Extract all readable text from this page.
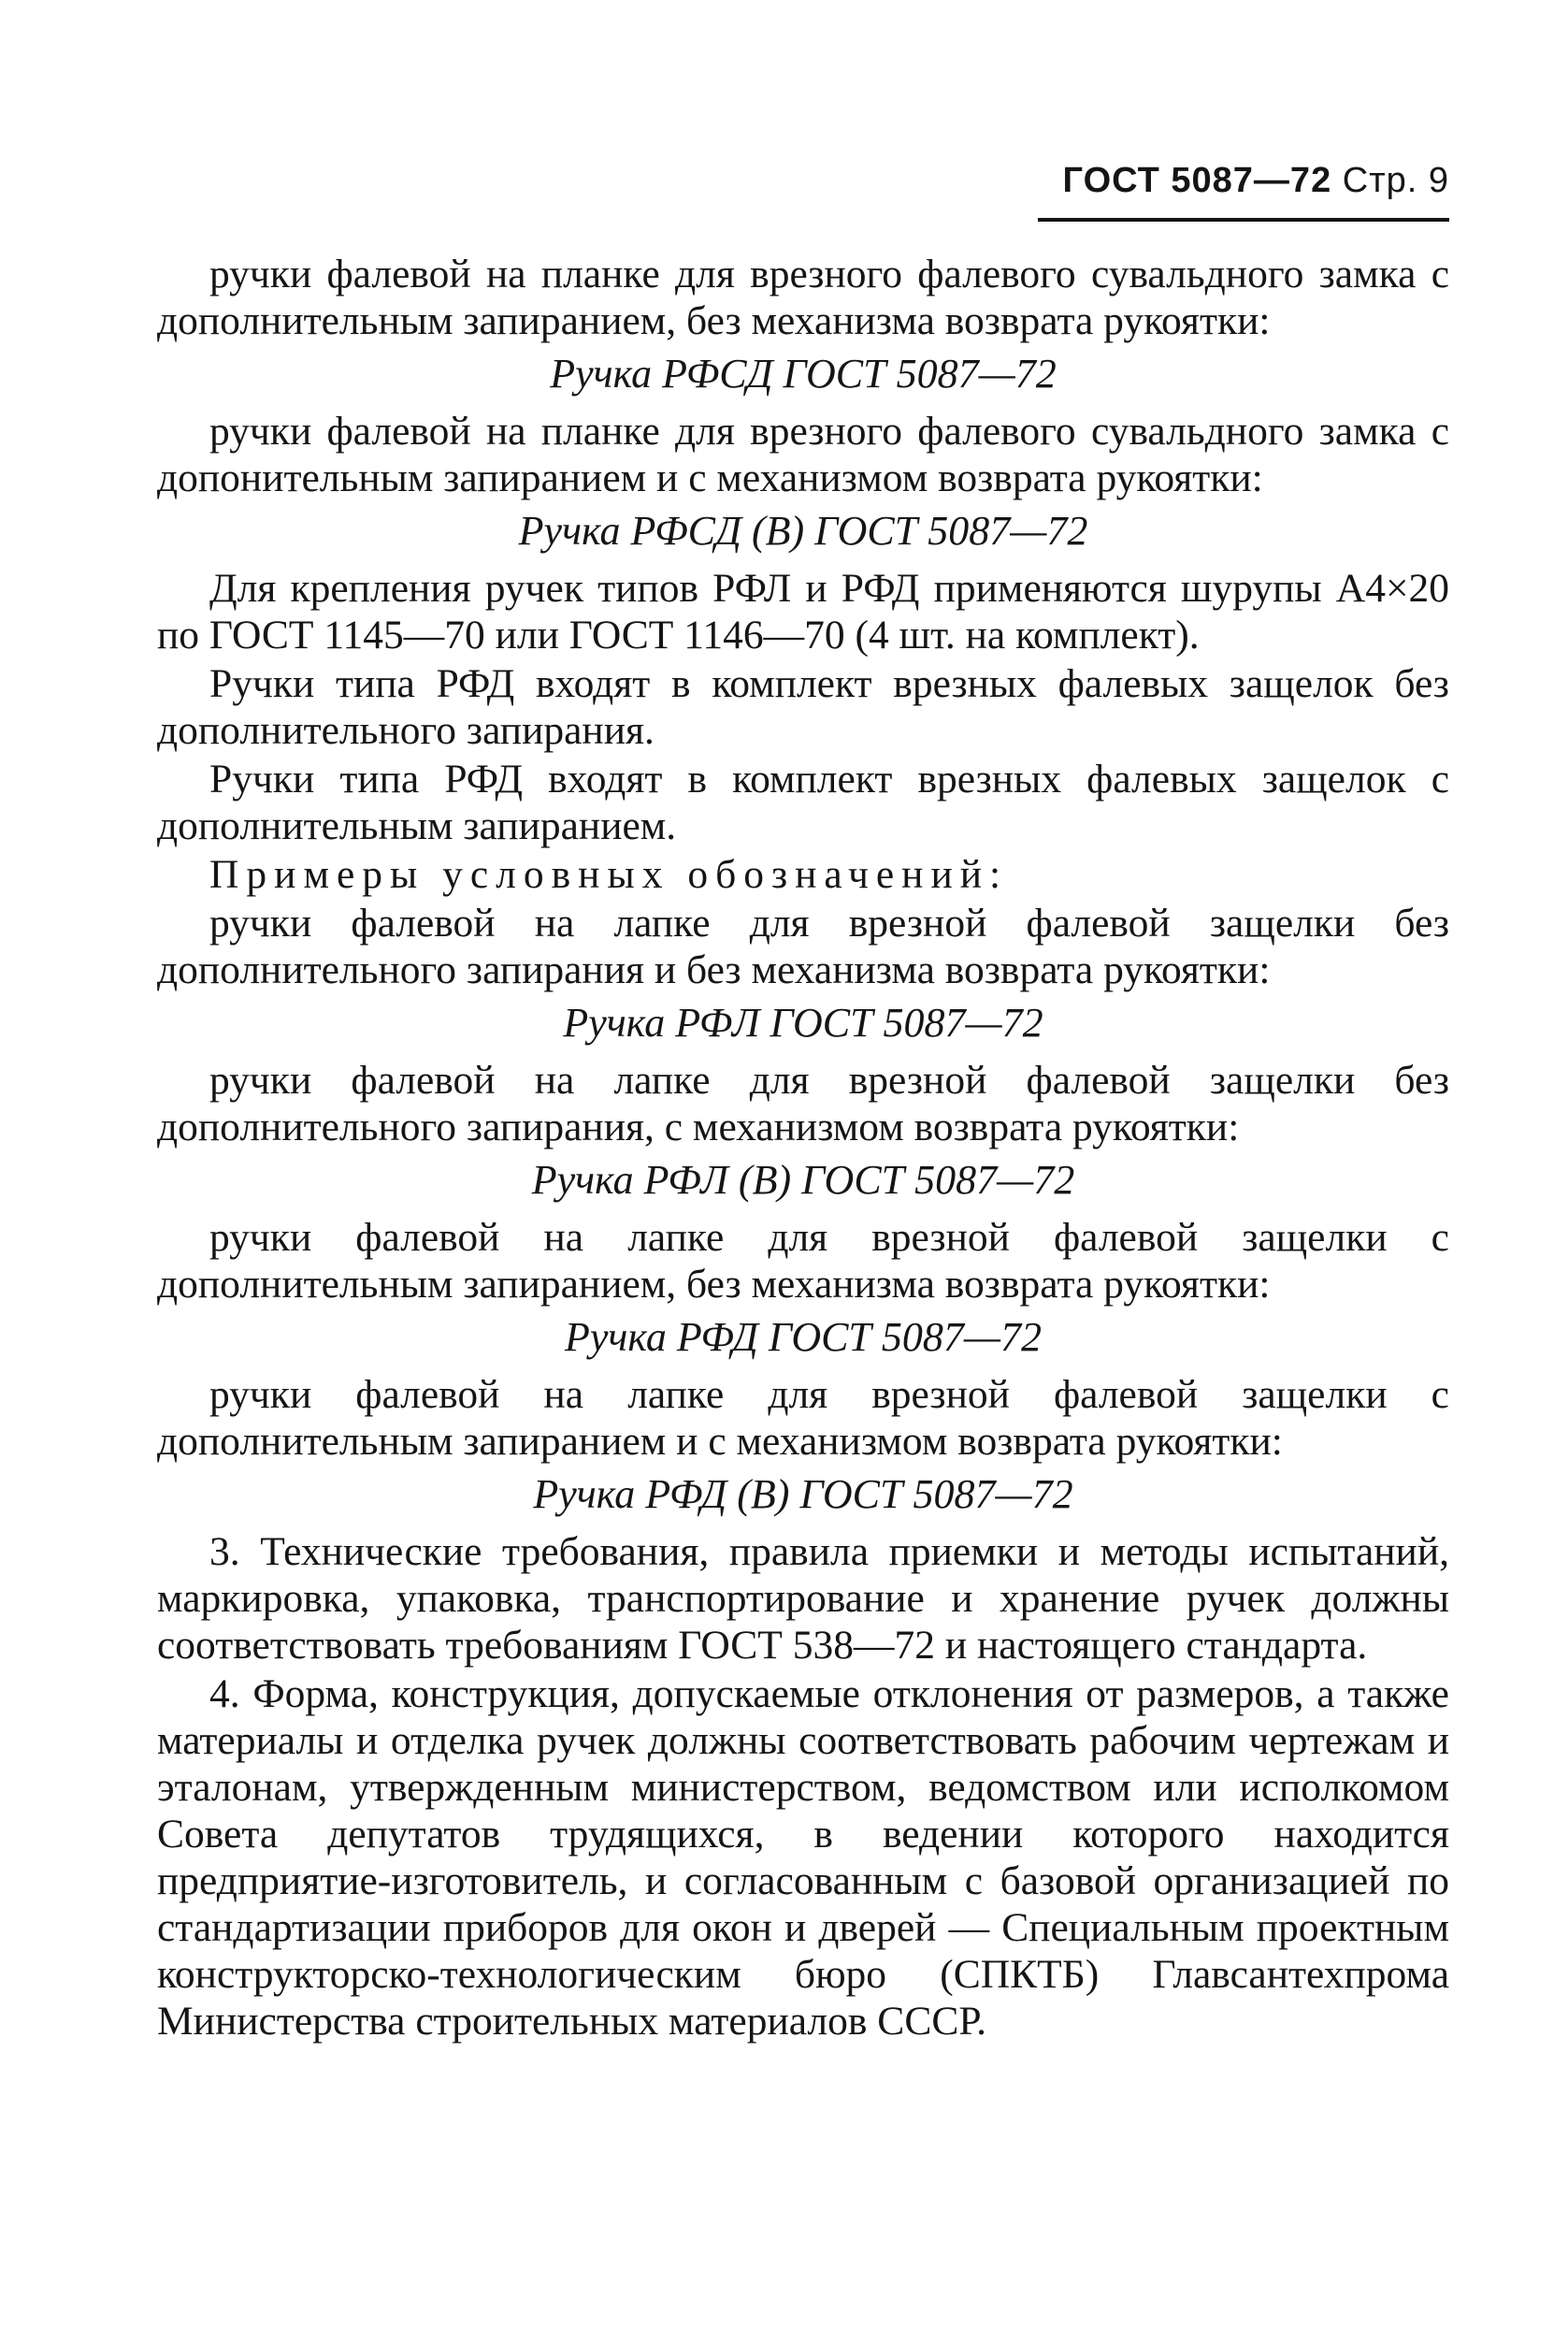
ГОСТ 5087—72 Стр. 9

ручки фалевой на планке для врезного фалевого сувальдного замка с дополнительным запиранием, без механизма возврата рукоятки:

Ручка РФСД ГОСТ 5087—72

ручки фалевой на планке для врезного фалевого сувальдного замка с допонительным запиранием и с механизмом возврата рукоятки:

Ручка РФСД (В) ГОСТ 5087—72

Для крепления ручек типов РФЛ и РФД применяются шурупы А4×20 по ГОСТ 1145—70 или ГОСТ 1146—70 (4 шт. на комплект).

Ручки типа РФД входят в комплект врезных фалевых защелок без дополнительного запирания.

Ручки типа РФД входят в комплект врезных фалевых защелок с дополнительным запиранием.

Примеры условных обозначений:

ручки фалевой на лапке для врезной фалевой защелки без дополнительного запирания и без механизма возврата рукоятки:

Ручка РФЛ ГОСТ 5087—72

ручки фалевой на лапке для врезной фалевой защелки без дополнительного запирания, с механизмом возврата рукоятки:

Ручка РФЛ (В) ГОСТ 5087—72

ручки фалевой на лапке для врезной фалевой защелки с дополнительным запиранием, без механизма возврата рукоятки:

Ручка РФД ГОСТ 5087—72

ручки фалевой на лапке для врезной фалевой защелки с дополнительным запиранием и с механизмом возврата рукоятки:

Ручка РФД (В) ГОСТ 5087—72

3. Технические требования, правила приемки и методы испытаний, маркировка, упаковка, транспортирование и хранение ручек должны соответствовать требованиям ГОСТ 538—72 и настоящего стандарта.

4. Форма, конструкция, допускаемые отклонения от размеров, а также материалы и отделка ручек должны соответствовать рабочим чертежам и эталонам, утвержденным министерством, ведомством или исполкомом Совета депутатов трудящихся, в ведении которого находится предприятие-изготовитель, и согласованным с базовой организацией по стандартизации приборов для окон и дверей — Специальным проектным конструкторско-технологическим бюро (СПКТБ) Главсантехпрома Министерства строительных материалов СССР.
